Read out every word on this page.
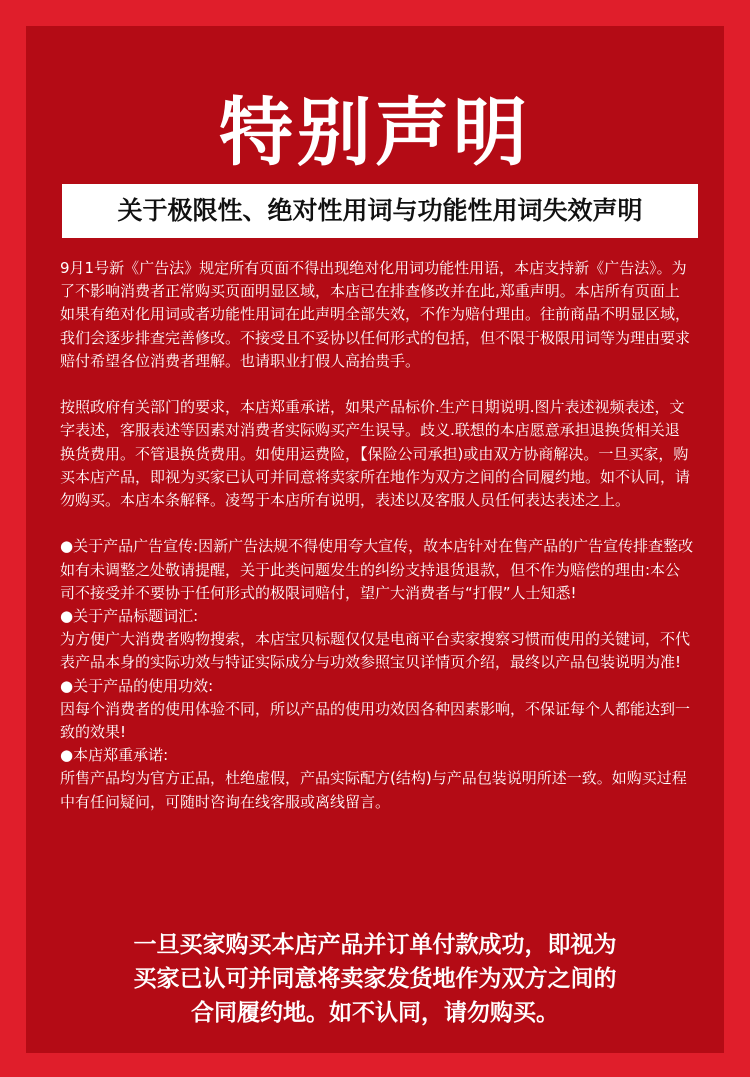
特别声明
关于极限性、绝对性用词与功能性用词失效声明

9月1号新《广告法》规定所有页面不得出现绝对化用词功能性用语，本店支持新《广告法》。为了不影响消费者正常购买页面明显区域，本店已在排查修改并在此,郑重声明。本店所有页面上如果有绝对化用词或者功能性用词在此声明全部失效，不作为赔付理由。往前商品不明显区域，我们会逐步排查完善修改。不接受且不妥协以任何形式的包括，但不限于极限用词等为理由要求赔付希望各位消费者理解。也请职业打假人高抬贵手。

按照政府有关部门的要求，本店郑重承诺，如果产品标价.生产日期说明.图片表述视频表述，文字表述，客服表述等因素对消费者实际购买产生误导。歧义.联想的本店愿意承担退换货相关退换货费用。不管退换货费用。如使用运费险，【保险公司承担)或由双方协商解决。一旦买家，购买本店产品，即视为买家已认可并同意将卖家所在地作为双方之间的合同履约地。如不认同，请勿购买。本店本条解释。凌驾于本店所有说明，表述以及客服人员任何表达表述之上。

●关于产品广告宣传:因新广告法规不得使用夸大宣传，故本店针对在售产品的广告宣传排查整改如有未调整之处敬请提醒，关于此类问题发生的纠纷支持退货退款，但不作为赔偿的理由:本公司不接受并不要协于任何形式的极限词赔付，望广大消费者与“打假”人士知悉!

●关于产品标题词汇:

为方便广大消费者购物搜索，本店宝贝标题仅仅是电商平台卖家搜察习惯而使用的关键词，不代表产品本身的实际功效与特证实际成分与功效参照宝贝详情页介绍，最终以产品包装说明为准!

●关于产品的使用功效:

因每个消费者的使用体验不同，所以产品的使用功效因各种因素影响，不保证每个人都能达到一致的效果!

●本店郑重承诺:

所售产品均为官方正品，杜绝虚假，产品实际配方(结构)与产品包装说明所述一致。如购买过程中有任问疑问，可随时咨询在线客服或离线留言。

一旦买家购买本店产品并订单付款成功，即视为
买家已认可并同意将卖家发货地作为双方之间的
合同履约地。如不认同，请勿购买。
